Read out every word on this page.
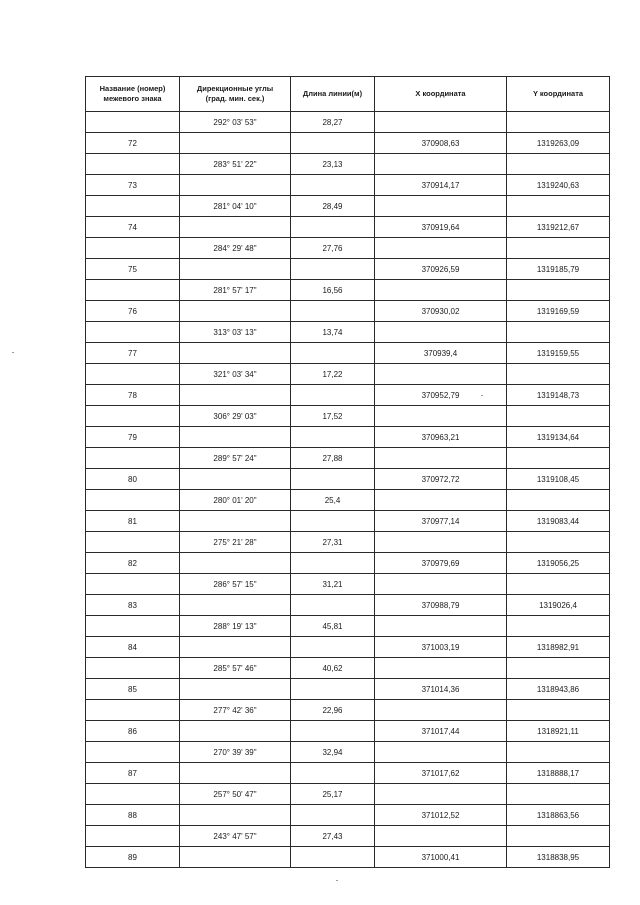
Название (номер)
межевого знака	Дирекционные углы
(град. мин. сек.)	Длина линии(м)	X координата	Y координата
	292° 03' 53"	28,27		
72			370908,63	1319263,09
	283° 51' 22"	23,13		
73			370914,17	1319240,63
	281° 04' 10"	28,49		
74			370919,64	1319212,67
	284° 29' 48"	27,76		
75			370926,59	1319185,79
	281° 57' 17"	16,56		
76			370930,02	1319169,59
	313° 03' 13"	13,74		
77			370939,4	1319159,55
	321° 03' 34"	17,22		
78			370952,79	1319148,73
	306° 29' 03"	17,52		
79			370963,21	1319134,64
	289° 57' 24"	27,88		
80			370972,72	1319108,45
	280° 01' 20"	25,4		
81			370977,14	1319083,44
	275° 21' 28"	27,31		
82			370979,69	1319056,25
	286° 57' 15"	31,21		
83			370988,79	1319026,4
	288° 19' 13"	45,81		
84			371003,19	1318982,91
	285° 57' 46"	40,62		
85			371014,36	1318943,86
	277° 42' 36"	22,96		
86			371017,44	1318921,11
	270° 39' 39"	32,94		
87			371017,62	1318888,17
	257° 50' 47"	25,17		
88			371012,52	1318863,56
	243° 47' 57"	27,43		
89			371000,41	1318838,95
